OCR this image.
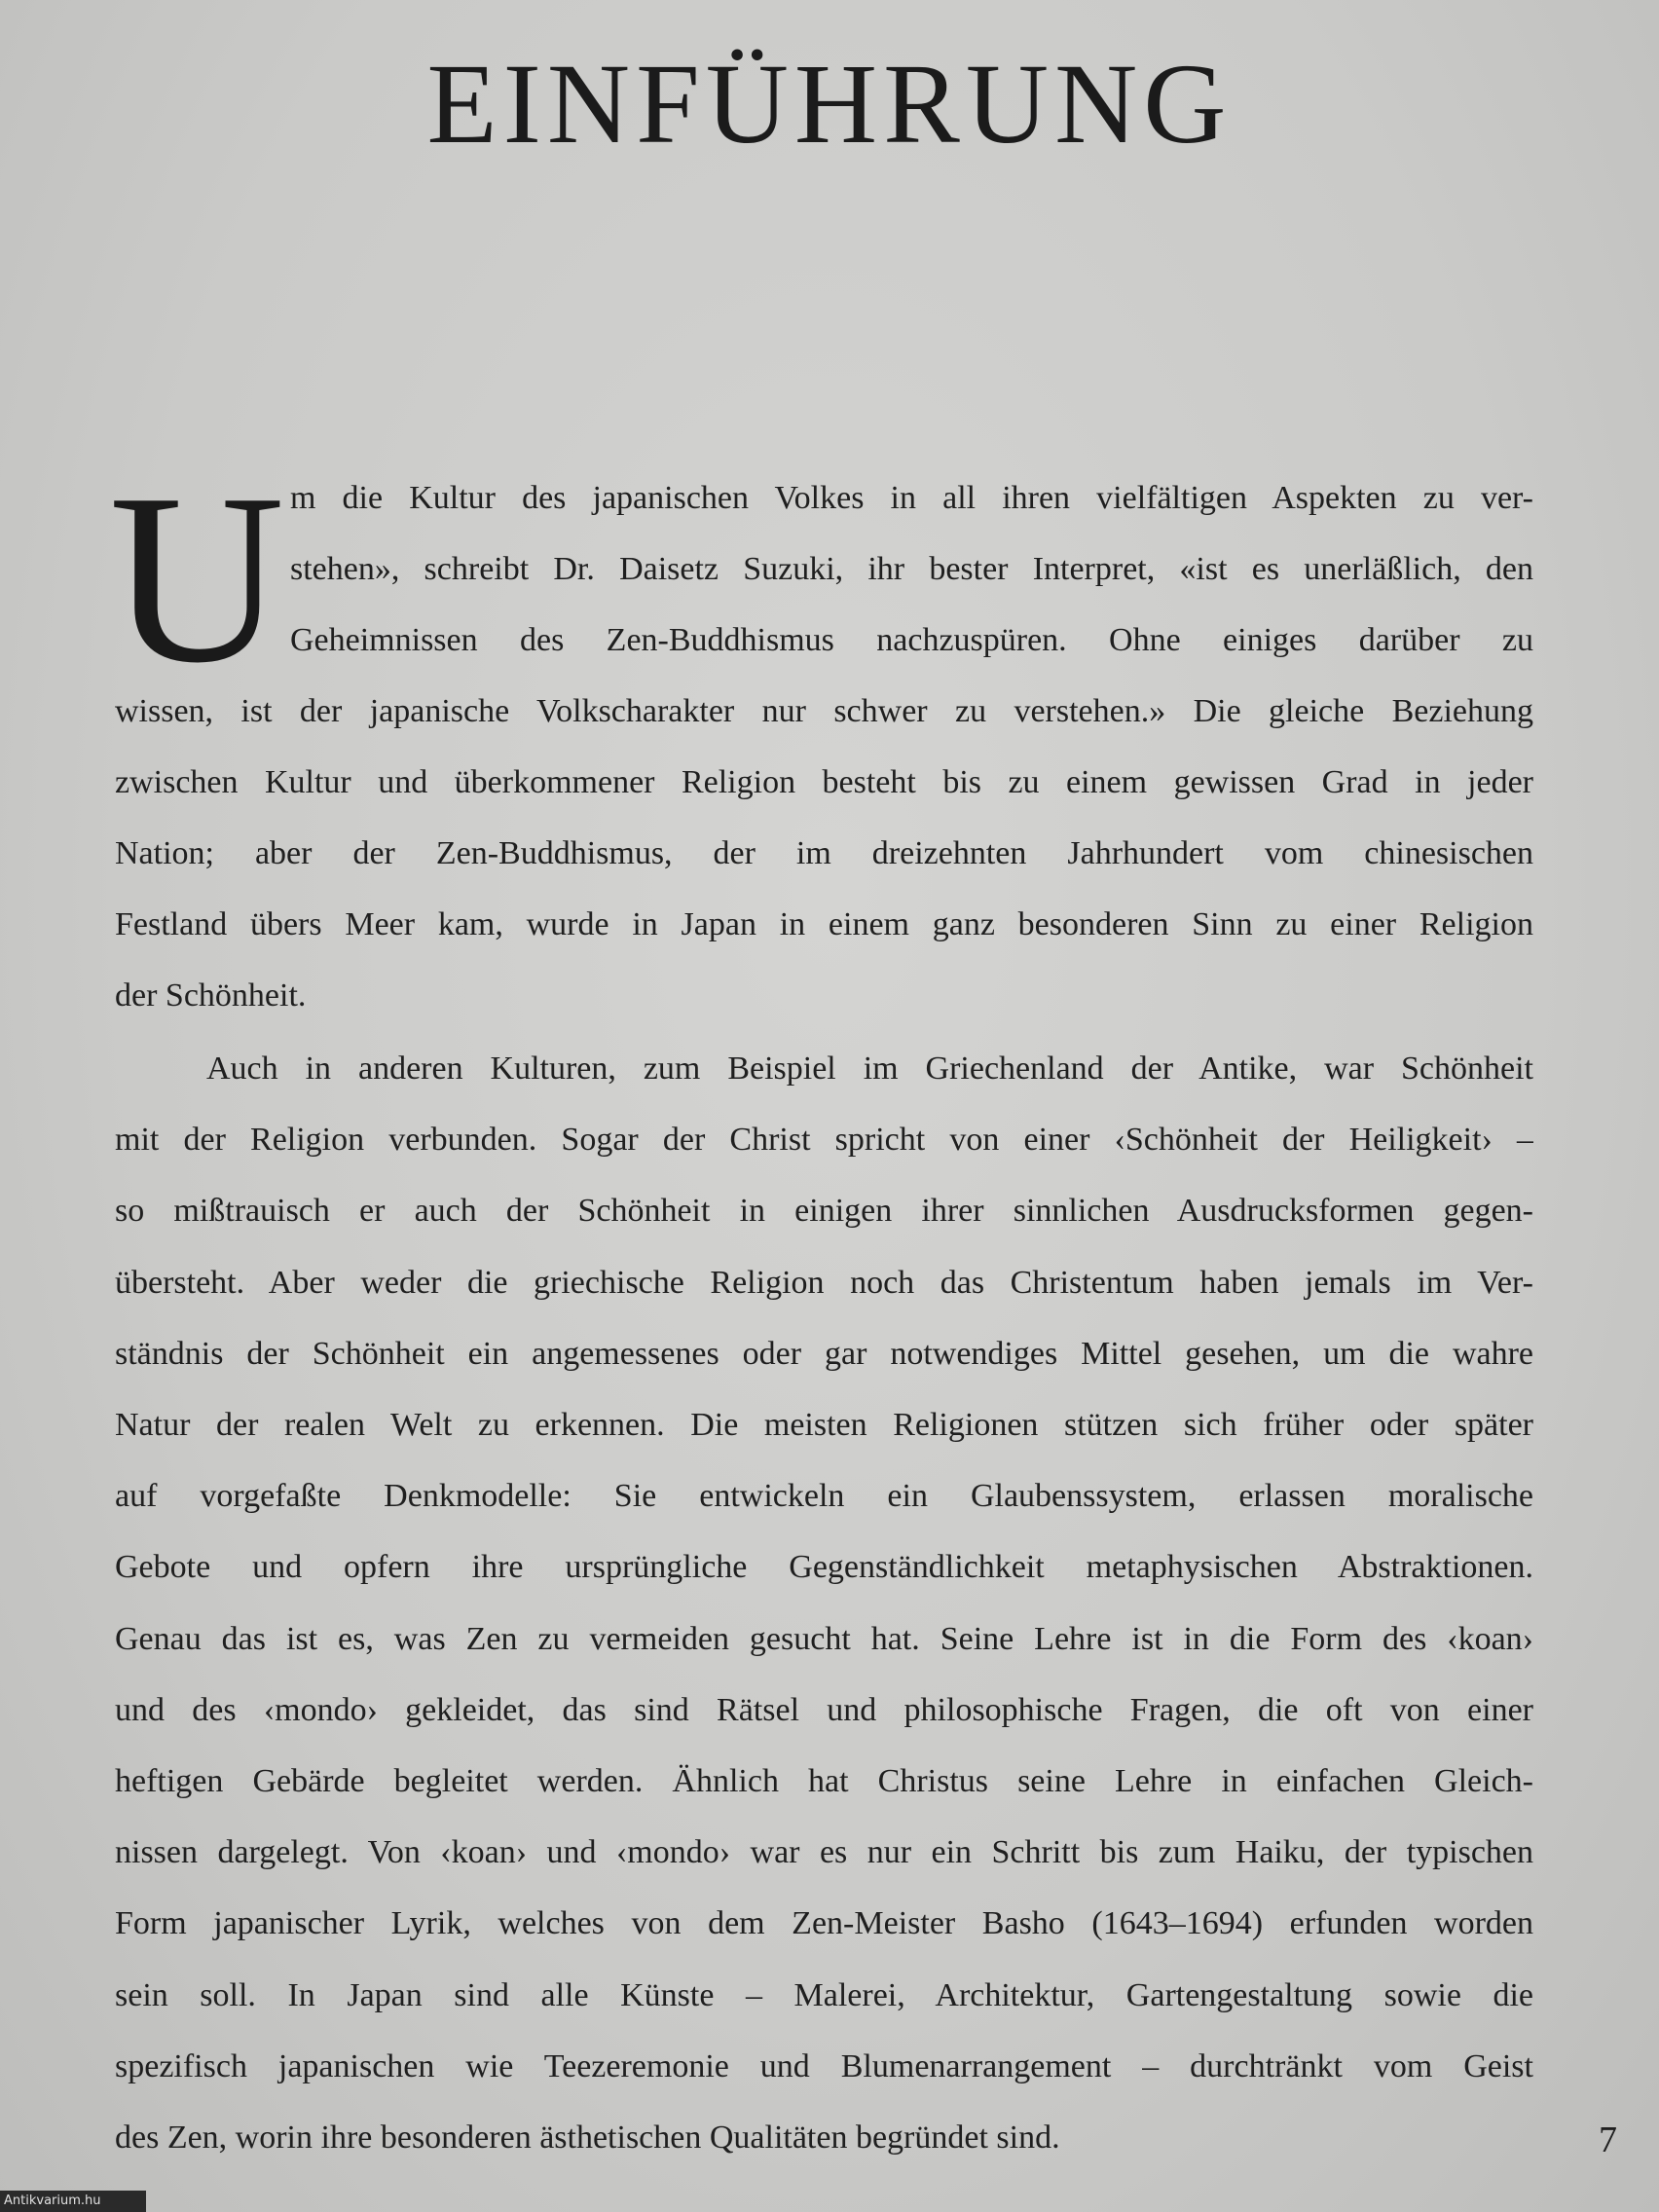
EINFÜHRUNG
U m die Kultur des japanischen Volkes in all ihren vielfältigen Aspekten zu ver-
stehen», schreibt Dr. Daisetz Suzuki, ihr bester Interpret, «ist es unerläßlich, den
Geheimnissen des Zen-Buddhismus nachzuspüren. Ohne einiges darüber zu
wissen, ist der japanische Volkscharakter nur schwer zu verstehen.» Die gleiche Beziehung
zwischen Kultur und überkommener Religion besteht bis zu einem gewissen Grad in jeder
Nation; aber der Zen-Buddhismus, der im dreizehnten Jahrhundert vom chinesischen
Festland übers Meer kam, wurde in Japan in einem ganz besonderen Sinn zu einer Religion
der Schönheit.
Auch in anderen Kulturen, zum Beispiel im Griechenland der Antike, war Schönheit
mit der Religion verbunden. Sogar der Christ spricht von einer ‹Schönheit der Heiligkeit› –
so mißtrauisch er auch der Schönheit in einigen ihrer sinnlichen Ausdrucksformen gegen-
übersteht. Aber weder die griechische Religion noch das Christentum haben jemals im Ver-
ständnis der Schönheit ein angemessenes oder gar notwendiges Mittel gesehen, um die wahre
Natur der realen Welt zu erkennen. Die meisten Religionen stützen sich früher oder später
auf vorgefaßte Denkmodelle: Sie entwickeln ein Glaubenssystem, erlassen moralische
Gebote und opfern ihre ursprüngliche Gegenständlichkeit metaphysischen Abstraktionen.
Genau das ist es, was Zen zu vermeiden gesucht hat. Seine Lehre ist in die Form des ‹koan›
und des ‹mondo› gekleidet, das sind Rätsel und philosophische Fragen, die oft von einer
heftigen Gebärde begleitet werden. Ähnlich hat Christus seine Lehre in einfachen Gleich-
nissen dargelegt. Von ‹koan› und ‹mondo› war es nur ein Schritt bis zum Haiku, der typischen
Form japanischer Lyrik, welches von dem Zen-Meister Basho (1643–1694) erfunden worden
sein soll. In Japan sind alle Künste – Malerei, Architektur, Gartengestaltung sowie die
spezifisch japanischen wie Teezeremonie und Blumenarrangement – durchtränkt vom Geist
des Zen, worin ihre besonderen ästhetischen Qualitäten begründet sind.	7
Antikvarium.hu
